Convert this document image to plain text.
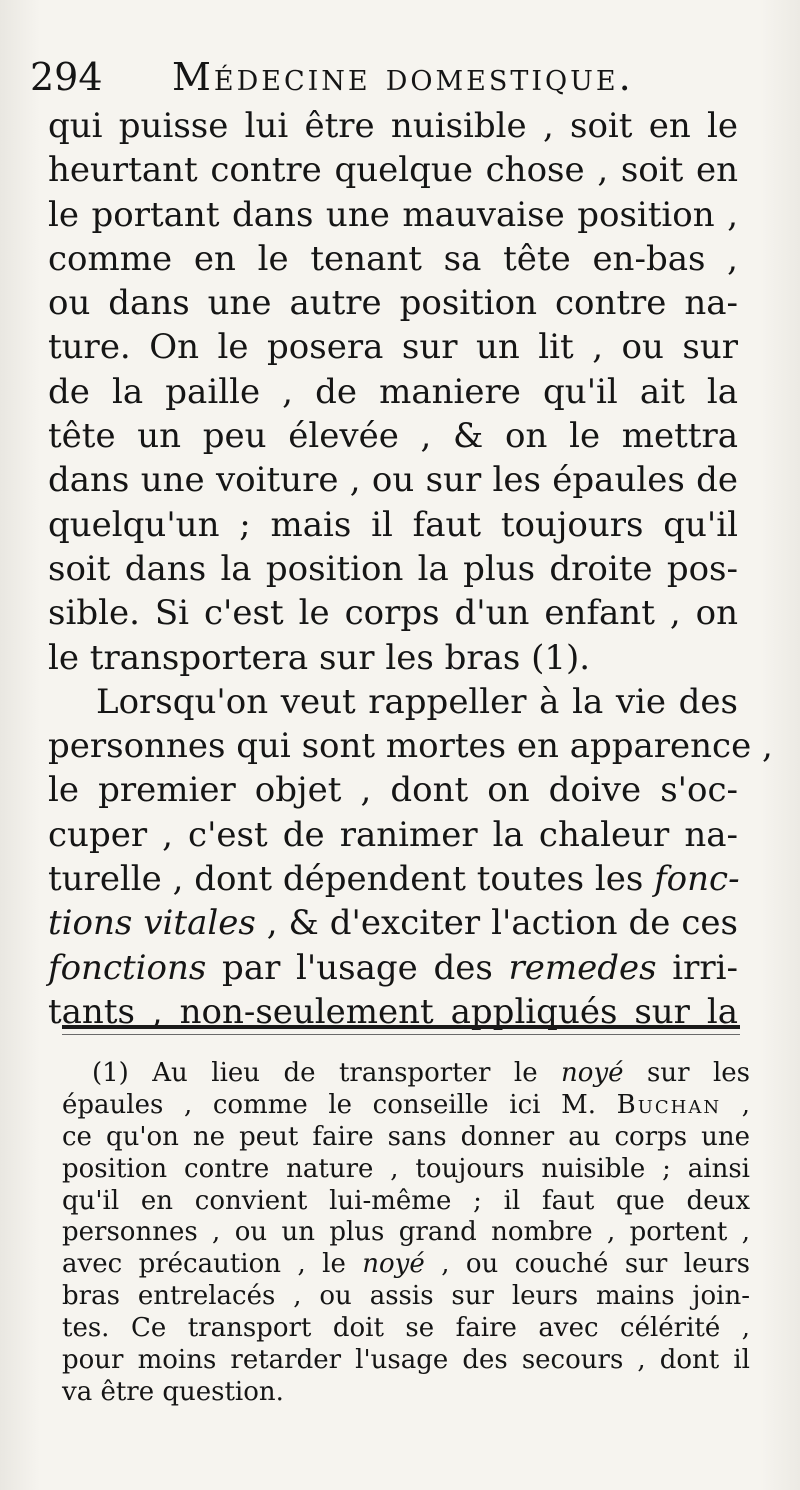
294 Médecine domestique.
qui puisse lui être nuisible , soit en le
heurtant contre quelque chose , soit en
le portant dans une mauvaise position ,
comme en le tenant sa tête en-bas ,
ou dans une autre position contre na-
ture. On le posera sur un lit , ou sur
de la paille , de maniere qu'il ait la
tête un peu élevée , & on le mettra
dans une voiture , ou sur les épaules de
quelqu'un ; mais il faut toujours qu'il
soit dans la position la plus droite pos-
sible. Si c'est le corps d'un enfant , on
le transportera sur les bras (1).
Lorsqu'on veut rappeller à la vie des
personnes qui sont mortes en apparence ,
le premier objet , dont on doive s'oc-
cuper , c'est de ranimer la chaleur na-
turelle , dont dépendent toutes les fonc-
tions vitales , & d'exciter l'action de ces
fonctions par l'usage des remedes irri-
tants , non-seulement appliqués sur la
(1) Au lieu de transporter le noyé sur les
épaules , comme le conseille ici M. Buchan ,
ce qu'on ne peut faire sans donner au corps une
position contre nature , toujours nuisible ; ainsi
qu'il en convient lui-même ; il faut que deux
personnes , ou un plus grand nombre , portent ,
avec précaution , le noyé , ou couché sur leurs
bras entrelacés , ou assis sur leurs mains join-
tes. Ce transport doit se faire avec célérité ,
pour moins retarder l'usage des secours , dont il
va être question.
